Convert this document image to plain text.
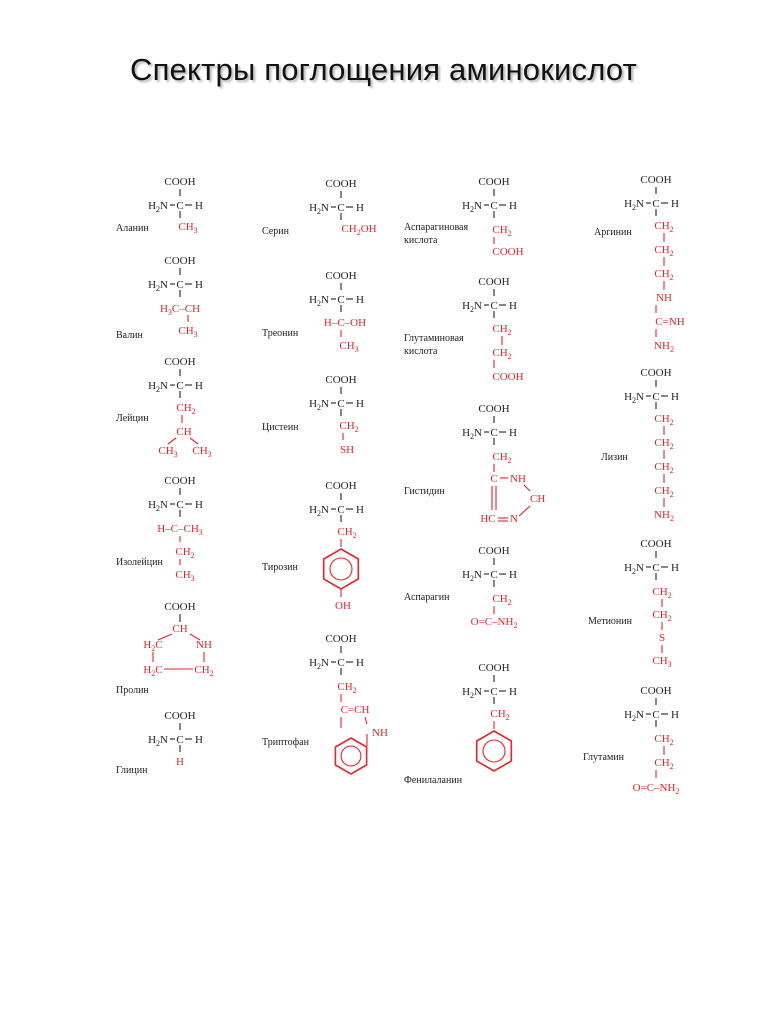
Спектры поглощения аминокислот
COOH
H2N C H
CH3
Аланин
COOH
H2N C H
H3C–CH
CH3
Валин
COOH
H2N C H
CH2
CH
CH3 CH3
Лейцин
COOH
H2N C H
H–C–CH3
CH2
CH3
Изолейцин
COOH
CH
H2C	NH
H2C	CH2
Пролин
COOH
H2N C H
H
Глицин
COOH
H2N C H
CH2OH
Серин
COOH
H2N C H
H–C–OH
CH3
Треонин
COOH
H2N C H
CH2
SH
Цистеин
COOH
H2N C H
CH2
OH
Тирозин
COOH
H2N C H
CH2
C=CH
NH
Триптофан
COOH
H2N C H
CH2
COOH
Аспарагиновая
кислота
COOH
H2N C H
CH2
CH2
COOH
Глутаминовая
кислота
COOH
H2N C H
CH2
C NH
CH
HC N
Гистидин
COOH
H2N C H
CH2
O=C–NH2
Аспарагин
COOH
H2N C H
CH2
Фенилаланин
COOH
H2N C H
CH2
CH2
CH2
NH
C=NH
NH2
Аргинин
COOH
H2N C H
CH2
CH2
CH2
CH2
NH2
Лизин
COOH
H2N C H
CH2
CH2
S
CH3
Метионин
COOH
H2N C H
CH2
CH2
O=C–NH2
Глутамин
